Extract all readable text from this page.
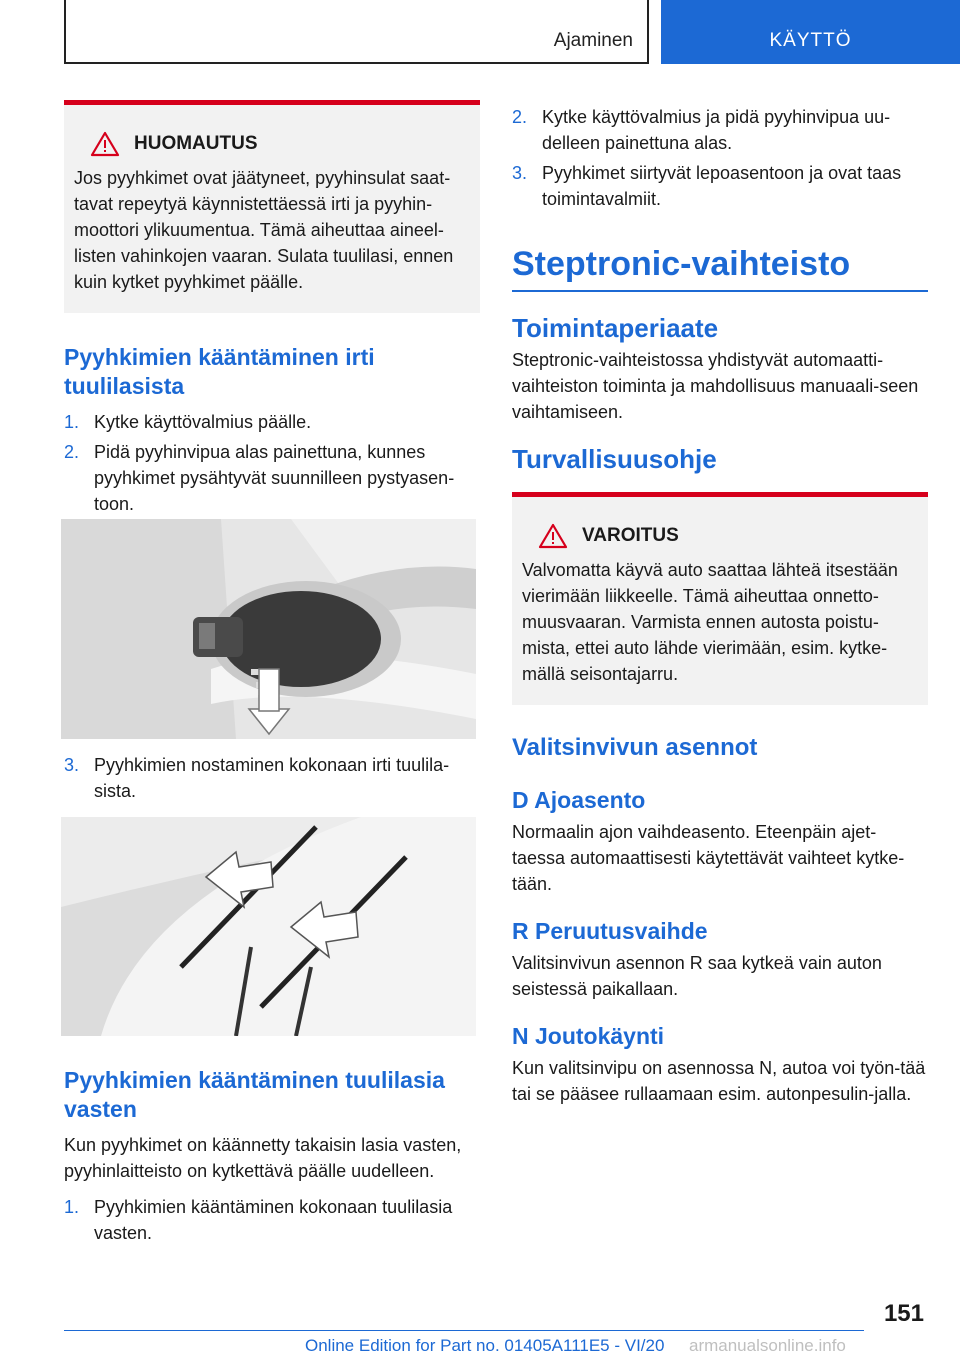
Ajaminen	KÄYTTÖ
HUOMAUTUS

Jos pyyhkimet ovat jäätyneet, pyyhinsulat saat-tavat repeytyä käynnistettäessä irti ja pyyhin-moottori ylikuumentua. Tämä aiheuttaa aineel-listen vahinkojen vaaran. Sulata tuulilasi, ennen kuin kytket pyyhkimet päälle.

Pyyhkimien kääntäminen irti tuulilasista
1. Kytke käyttövalmius päälle.
2. Pidä pyyhinvipua alas painettuna, kunnes pyyhkimet pysähtyvät suunnilleen pystyasen-toon.
3. Pyyhkimien nostaminen kokonaan irti tuulila-sista.
Pyyhkimien kääntäminen tuulilasia vasten

Kun pyyhkimet on käännetty takaisin lasia vasten, pyyhinlaitteisto on kytkettävä päälle uudelleen.

1. Pyyhkimien kääntäminen kokonaan tuulilasia vasten.
2. Kytke käyttövalmius ja pidä pyyhinvipua uu-delleen painettuna alas.
3. Pyyhkimet siirtyvät lepoasentoon ja ovat taas toimintavalmiit.
Steptronic-vaihteisto
Toimintaperiaate

Steptronic-vaihteistossa yhdistyvät automaatti-vaihteiston toiminta ja mahdollisuus manuaali-seen vaihtamiseen.

Turvallisuusohje
VAROITUS

Valvomatta käyvä auto saattaa lähteä itsestään vierimään liikkeelle. Tämä aiheuttaa onnetto-muusvaaran. Varmista ennen autosta poistu-mista, ettei auto lähde vierimään, esim. kytke-mällä seisontajarru.

Valitsinvivun asennot
D Ajoasento

Normaalin ajon vaihdeasento. Eteenpäin ajet-taessa automaattisesti käytettävät vaihteet kytke-tään.

R Peruutusvaihde

Valitsinvivun asennon R saa kytkeä vain auton seistessä paikallaan.

N Joutokäynti

Kun valitsinvipu on asennossa N, autoa voi työn-tää tai se pääsee rullaamaan esim. autonpesulin-jalla.

151
Online Edition for Part no. 01405A111E5 - VI/20 armanualsonline.info
